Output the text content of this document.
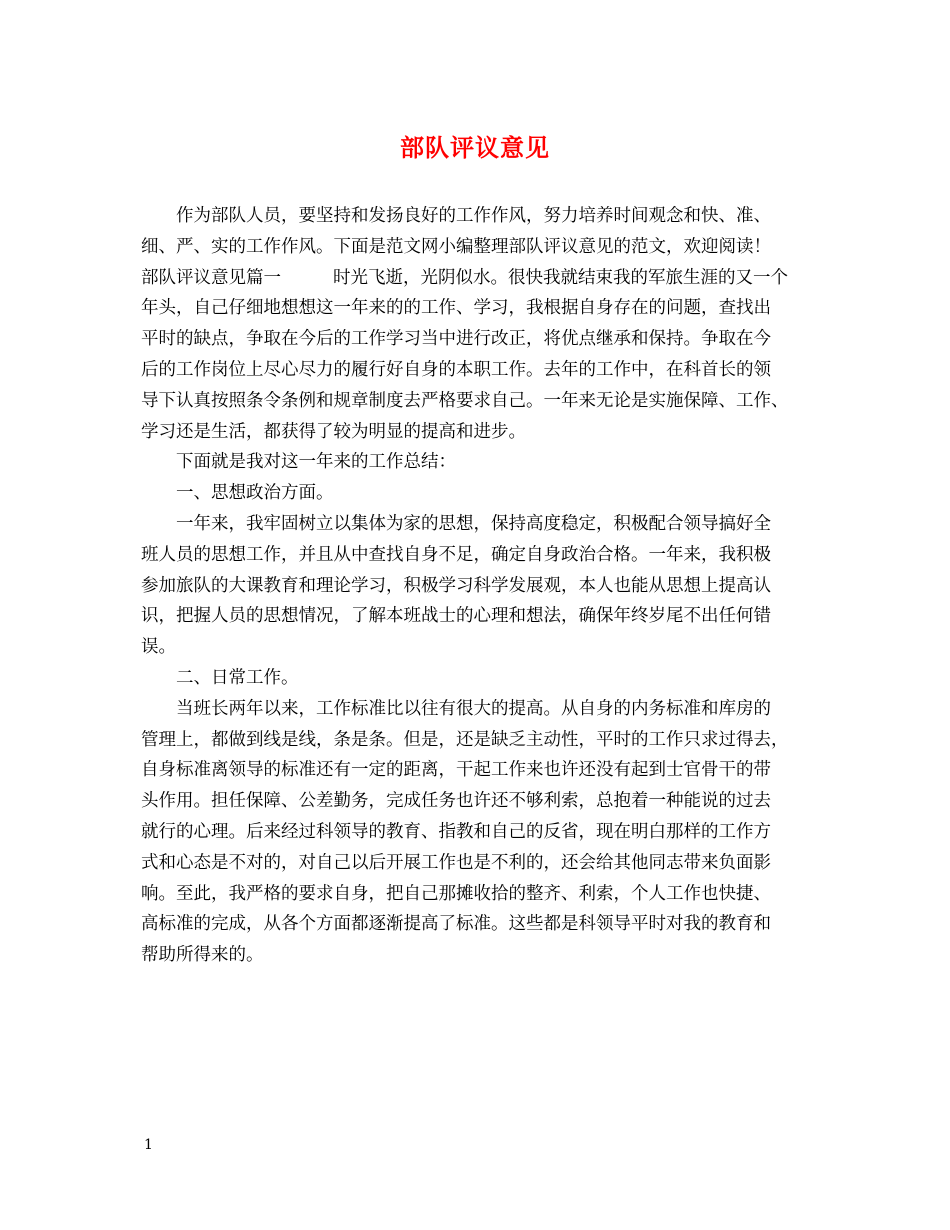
部队评议意见
作为部队人员，要坚持和发扬良好的工作作风，努力培养时间观念和快、准、
细、严、实的工作作风。下面是范文网小编整理部队评议意见的范文，欢迎阅读！
部队评议意见篇一	时光飞逝，光阴似水。很快我就结束我的军旅生涯的又一个
年头，自己仔细地想想这一年来的的工作、学习，我根据自身存在的问题，查找出
平时的缺点，争取在今后的工作学习当中进行改正，将优点继承和保持。争取在今
后的工作岗位上尽心尽力的履行好自身的本职工作。去年的工作中，在科首长的领
导下认真按照条令条例和规章制度去严格要求自己。一年来无论是实施保障、工作、
学习还是生活，都获得了较为明显的提高和进步。
下面就是我对这一年来的工作总结：
一、思想政治方面。
一年来，我牢固树立以集体为家的思想，保持高度稳定，积极配合领导搞好全
班人员的思想工作，并且从中查找自身不足，确定自身政治合格。一年来，我积极
参加旅队的大课教育和理论学习，积极学习科学发展观，本人也能从思想上提高认
识，把握人员的思想情况，了解本班战士的心理和想法，确保年终岁尾不出任何错
误。
二、日常工作。
当班长两年以来，工作标准比以往有很大的提高。从自身的内务标准和库房的
管理上，都做到线是线，条是条。但是，还是缺乏主动性，平时的工作只求过得去，
自身标准离领导的标准还有一定的距离，干起工作来也许还没有起到士官骨干的带
头作用。担任保障、公差勤务，完成任务也许还不够利索，总抱着一种能说的过去
就行的心理。后来经过科领导的教育、指教和自己的反省，现在明白那样的工作方
式和心态是不对的，对自己以后开展工作也是不利的，还会给其他同志带来负面影
响。至此，我严格的要求自身，把自己那摊收拾的整齐、利索，个人工作也快捷、
高标准的完成，从各个方面都逐渐提高了标准。这些都是科领导平时对我的教育和
帮助所得来的。
1
